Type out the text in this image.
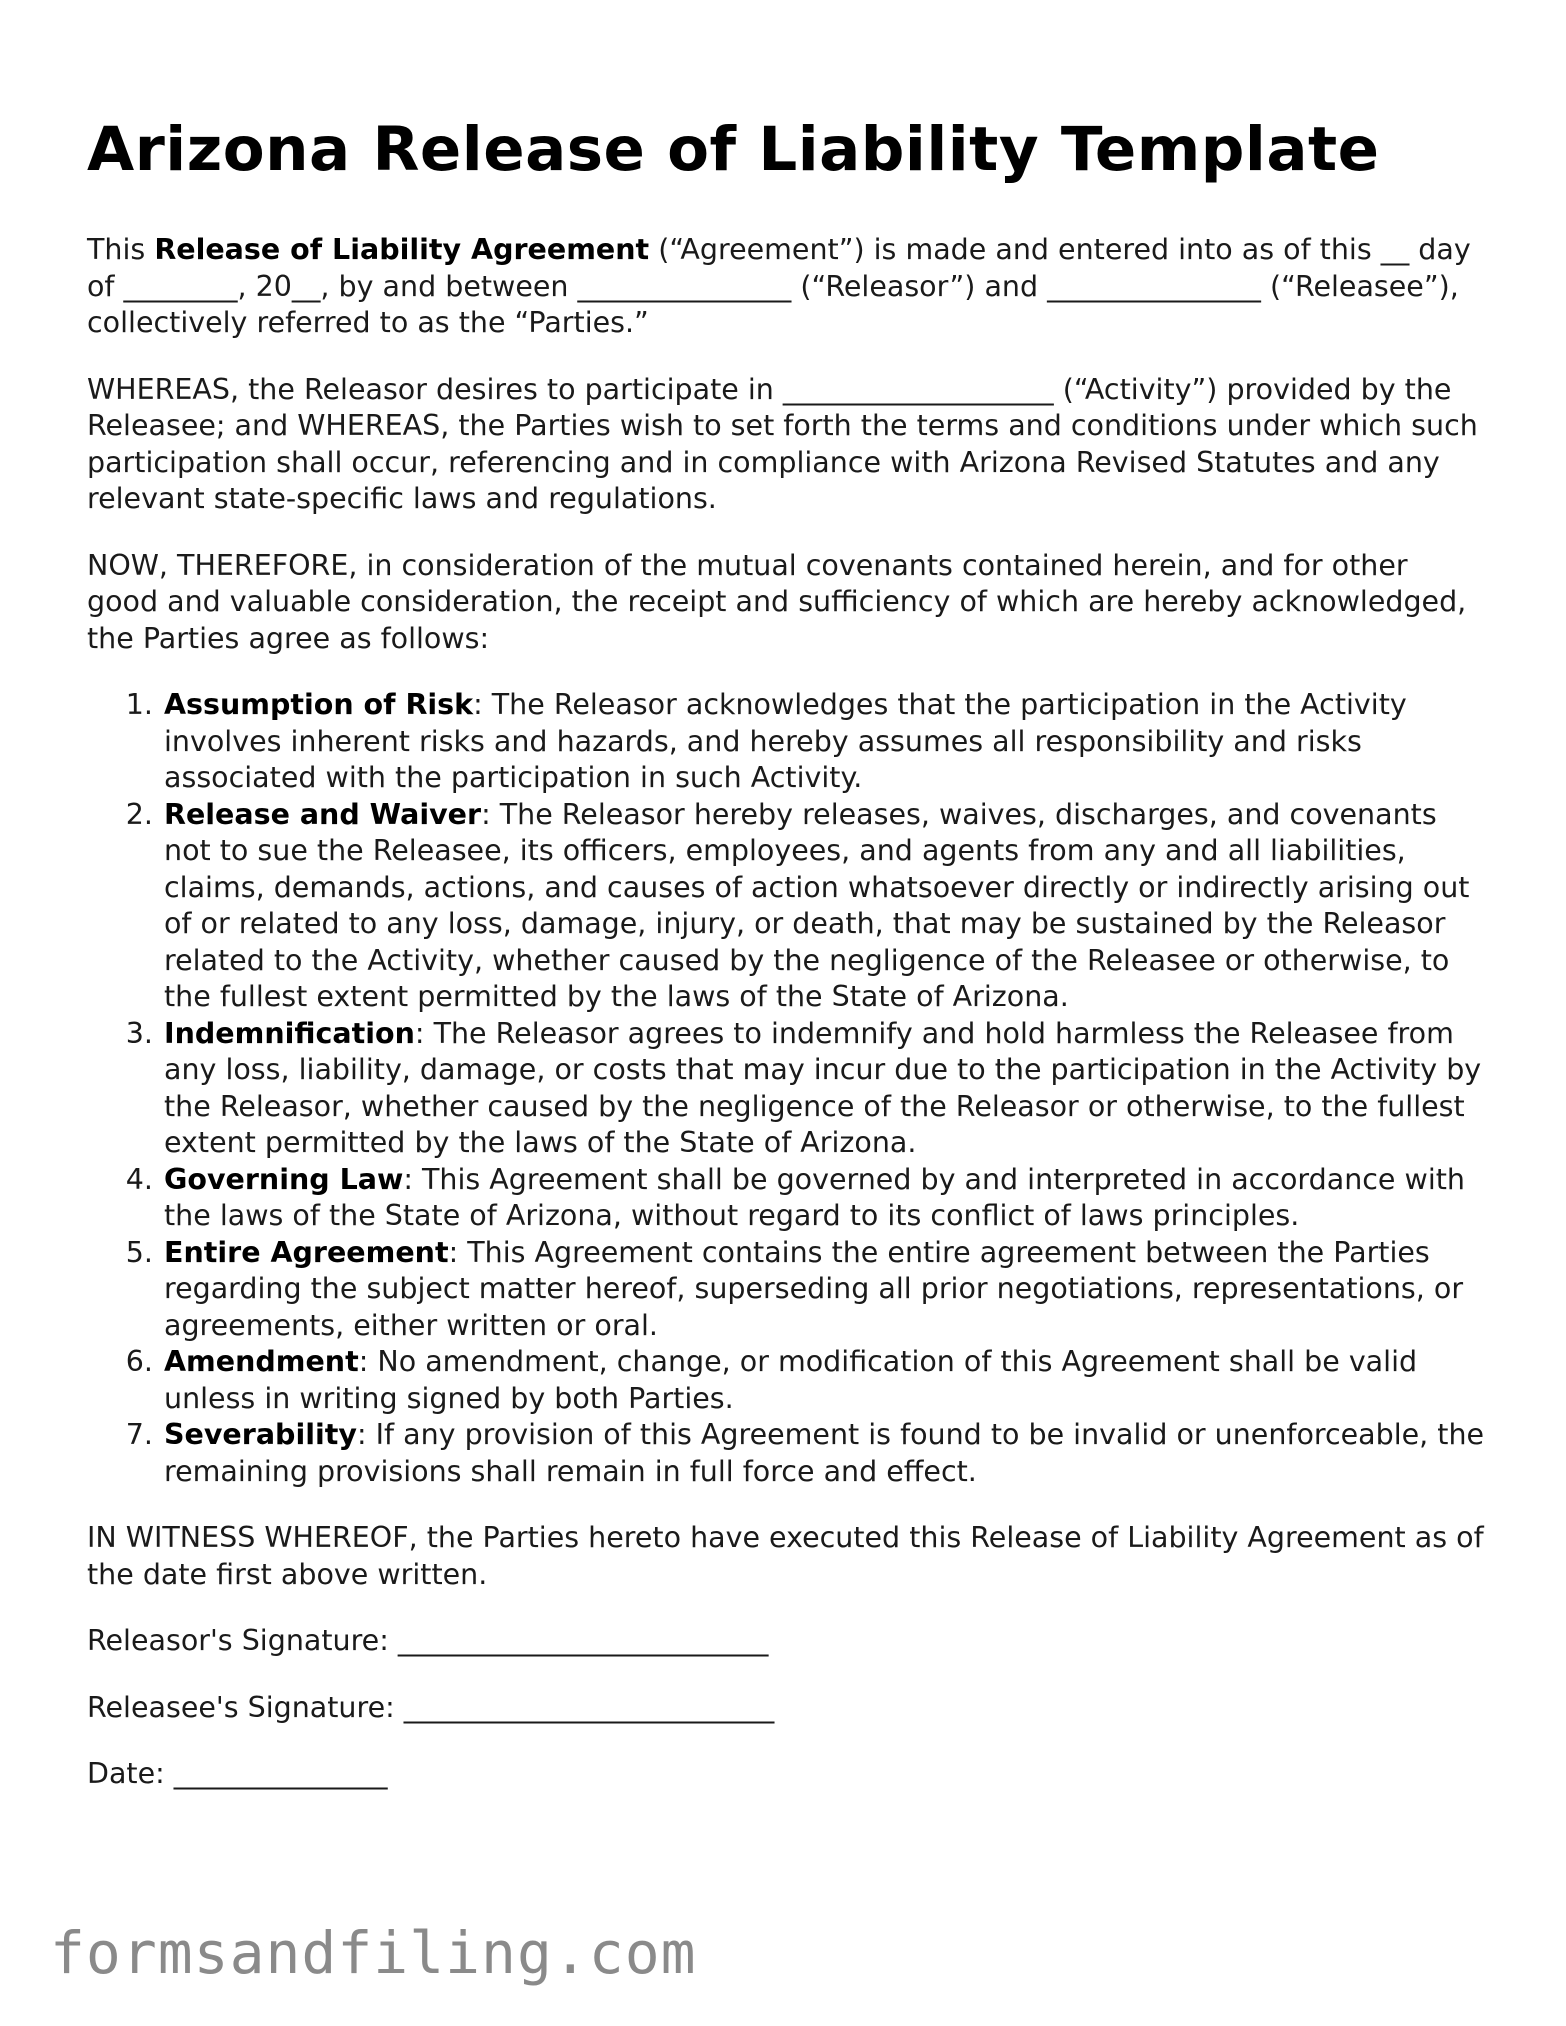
Arizona Release of Liability Template

This Release of Liability Agreement (“Agreement”) is made and entered into as of this __ day of ________, 20__, by and between _______________ (“Releasor”) and _______________ (“Releasee”), collectively referred to as the “Parties.”

WHEREAS, the Releasor desires to participate in ___________________ (“Activity”) provided by the Releasee; and WHEREAS, the Parties wish to set forth the terms and conditions under which such participation shall occur, referencing and in compliance with Arizona Revised Statutes and any relevant state-specific laws and regulations.

NOW, THEREFORE, in consideration of the mutual covenants contained herein, and for other good and valuable consideration, the receipt and sufficiency of which are hereby acknowledged, the Parties agree as follows:

1. Assumption of Risk: The Releasor acknowledges that the participation in the Activity involves inherent risks and hazards, and hereby assumes all responsibility and risks associated with the participation in such Activity.
2. Release and Waiver: The Releasor hereby releases, waives, discharges, and covenants not to sue the Releasee, its officers, employees, and agents from any and all liabilities, claims, demands, actions, and causes of action whatsoever directly or indirectly arising out of or related to any loss, damage, injury, or death, that may be sustained by the Releasor related to the Activity, whether caused by the negligence of the Releasee or otherwise, to the fullest extent permitted by the laws of the State of Arizona.
3. Indemnification: The Releasor agrees to indemnify and hold harmless the Releasee from any loss, liability, damage, or costs that may incur due to the participation in the Activity by the Releasor, whether caused by the negligence of the Releasor or otherwise, to the fullest extent permitted by the laws of the State of Arizona.
4. Governing Law: This Agreement shall be governed by and interpreted in accordance with the laws of the State of Arizona, without regard to its conflict of laws principles.
5. Entire Agreement: This Agreement contains the entire agreement between the Parties regarding the subject matter hereof, superseding all prior negotiations, representations, or agreements, either written or oral.
6. Amendment: No amendment, change, or modification of this Agreement shall be valid unless in writing signed by both Parties.
7. Severability: If any provision of this Agreement is found to be invalid or unenforceable, the remaining provisions shall remain in full force and effect.

IN WITNESS WHEREOF, the Parties hereto have executed this Release of Liability Agreement as of the date first above written.

Releasor's Signature: __________________________
Releasee's Signature: __________________________
Date: _______________
formsandfiling.com
